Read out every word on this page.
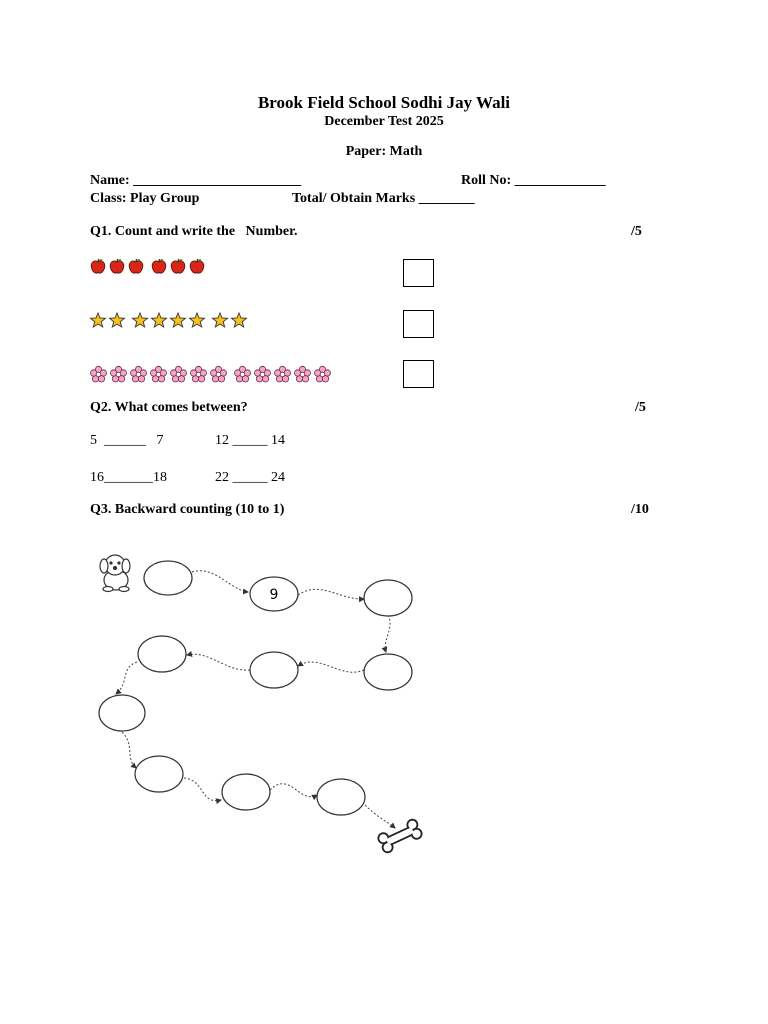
Brook Field School Sodhi Jay Wali
December Test 2025
Paper: Math
Name: ________________________	Roll No: _____________
Class: Play Group	Total/ Obtain Marks ________
Q1. Count and write the   Number.	/5
Q2. What comes between?	/5
5  ______   7	12 _____ 14
16_______18	22 _____ 24
Q3. Backward counting (10 to 1)	/10
9
